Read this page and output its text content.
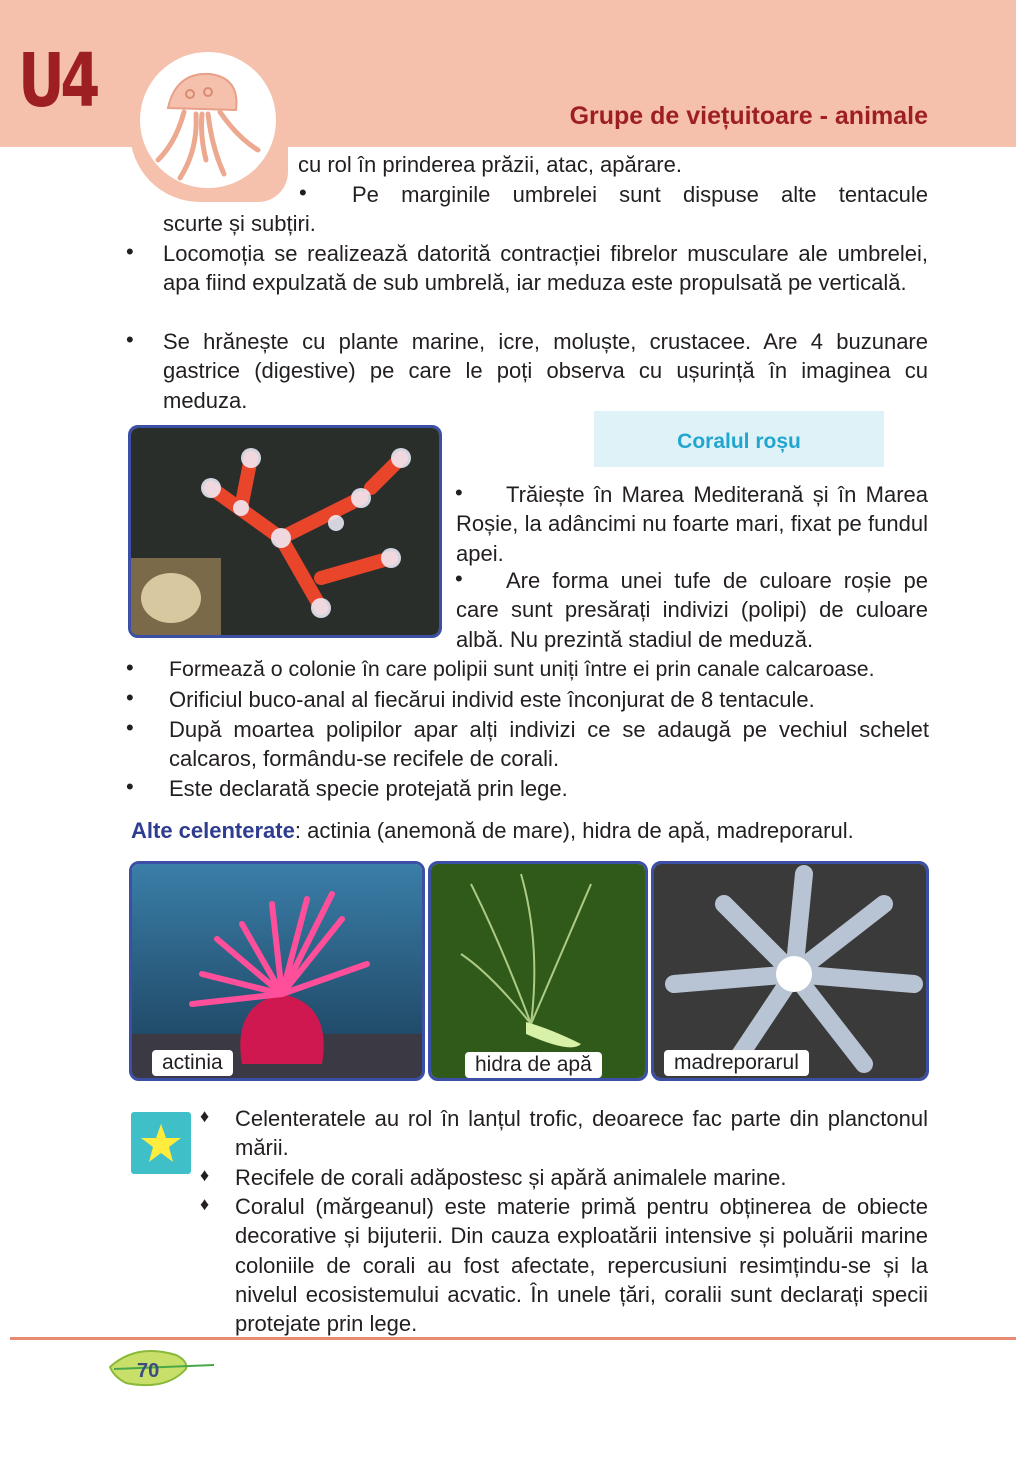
U4	Grupe de viețuitoare - animale
cu rol în prinderea prăzii, atac, apărare.
• Pe marginile umbrelei sunt dispuse alte tentacule
scurte și subțiri.
• Locomoția se realizează datorită contracției fibrelor musculare ale umbrelei, apa fiind expulzată de sub umbrelă, iar meduza este propulsată pe verticală.
• Se hrănește cu plante marine, icre, moluște, crustacee. Are 4 buzunare gastrice (digestive) pe care le poți observa cu ușurință în imaginea cu meduza.
Coralul roșu
•	Trăiește în Marea Mediterană și în Marea Roșie, la adâncimi nu foarte mari, fixat pe fundul apei.
•	Are forma unei tufe de culoare roșie pe care sunt presărați indivizi (polipi) de culoare albă. Nu prezintă stadiul de meduză.
• Formează o colonie în care polipii sunt uniți între ei prin canale calcaroase.
• Orificiul buco-anal al fiecărui individ este înconjurat de 8 tentacule.
• După moartea polipilor apar alți indivizi ce se adaugă pe vechiul schelet calcaros, formându-se recifele de corali.
• Este declarată specie protejată prin lege.
Alte celenterate: actinia (anemonă de mare), hidra de apă, madreporarul.
actinia	hidra de apă	madreporarul
♦ Celenteratele au rol în lanțul trofic, deoarece fac parte din planctonul mării.
♦ Recifele de corali adăpostesc și apără animalele marine.
♦ Coralul (mărgeanul) este materie primă pentru obținerea de obiecte decorative și bijuterii. Din cauza exploatării intensive și poluării marine coloniile de corali au fost afectate, repercusiuni resimțindu-se și la nivelul ecosistemului acvatic. În unele țări, coralii sunt declarați specii protejate prin lege.
70
